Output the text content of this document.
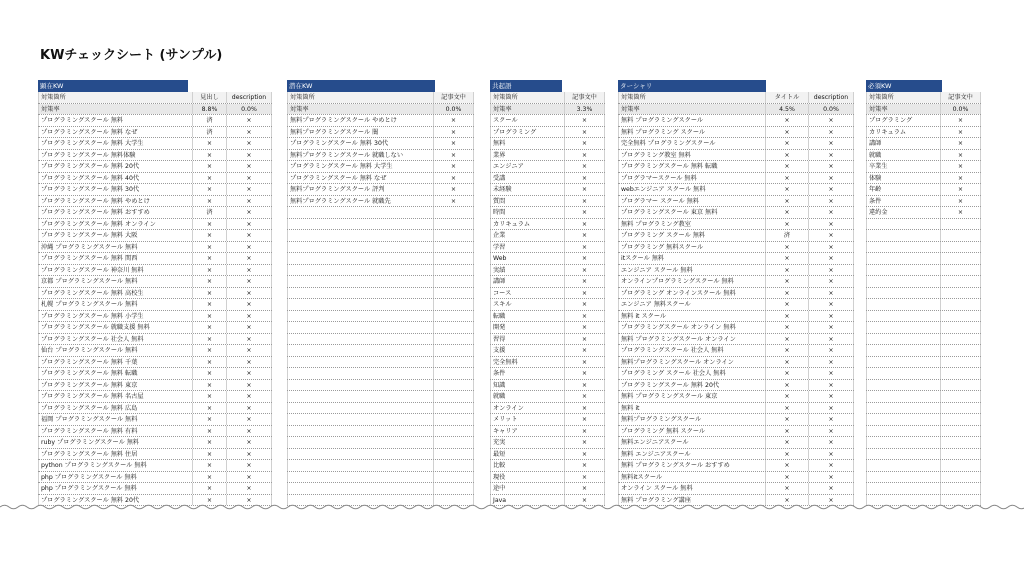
KWチェックシート (サンプル)
顕在KW
対策箇所	見出し	description
対策率	8.8%	0.0%
プログラミングスクール 無料	済	×
プログラミングスクール 無料 なぜ	済	×
プログラミングスクール 無料 大学生	×	×
プログラミングスクール 無料体験	×	×
プログラミングスクール 無料 20代	×	×
プログラミングスクール 無料 40代	×	×
プログラミングスクール 無料 30代	×	×
プログラミングスクール 無料 やめとけ	×	×
プログラミングスクール 無料 おすすめ	済	×
プログラミングスクール 無料 オンライン	×	×
プログラミングスクール 無料 大阪	×	×
沖縄 プログラミングスクール 無料	×	×
プログラミングスクール 無料 関西	×	×
プログラミングスクール 神奈川 無料	×	×
京都 プログラミングスクール 無料	×	×
プログラミングスクール 無料 高校生	×	×
札幌 プログラミングスクール 無料	×	×
プログラミングスクール 無料 小学生	×	×
プログラミングスクール 就職支援 無料	×	×
プログラミングスクール 社会人 無料	×	×
仙台 プログラミングスクール 無料	×	×
プログラミングスクール 無料 千葉	×	×
プログラミングスクール 無料 転職	×	×
プログラミングスクール 無料 東京	×	×
プログラミングスクール 無料 名古屋	×	×
プログラミングスクール 無料 広島	×	×
福岡 プログラミングスクール 無料	×	×
プログラミングスクール 無料 有料	×	×
ruby プログラミングスクール 無料	×	×
プログラミングスクール 無料 住居	×	×
python プログラミングスクール 無料	×	×
php プログラミングスクール 無料	×	×
php プログラミングスクール 無料	×	×
プログラミングスクール 無料 20代	×	×
潜在KW
対策箇所	記事文中
対策率	0.0%
無料プログラミングスクール やめとけ	×
無料プログラミングスクール 闇	×
プログラミングスクール 無料 30代	×
無料プログラミングスクール 就職しない	×
プログラミングスクール 無料 大学生	×
プログラミングスクール 無料 なぜ	×
無料プログラミングスクール 評判	×
無料プログラミングスクール 就職先	×
共起語
対策箇所	記事文中
対策率	3.3%
スクール	×
プログラミング	×
無料	×
業界	×
エンジニア	×
受講	×
未経験	×
質問	×
時間	×
カリキュラム	×
企業	×
学習	×
Web	×
実績	×
講師	×
コース	×
スキル	×
転職	×
開発	×
習得	×
支援	×
完全無料	×
条件	×
知識	×
就職	×
オンライン	×
メリット	×
キャリア	×
充実	×
最短	×
比較	×
現役	×
途中	×
Java	×
ターシャリ
対策箇所	タイトル	description
対策率	4.5%	0.0%
無料 プログラミングスクール	×	×
無料 プログラミング スクール	×	×
完全無料 プログラミングスクール	×	×
プログラミング教室 無料	×	×
プログラミングスクール 無料 転職	×	×
プログラマースクール 無料	×	×
webエンジニア スクール 無料	×	×
プログラマー スクール 無料	×	×
プログラミングスクール 東京 無料	×	×
無料 プログラミング教室	×	×
プログラミング スクール 無料	済	×
プログラミング 無料スクール	×	×
itスクール 無料	×	×
エンジニア スクール 無料	×	×
オンラインプログラミングスクール 無料	×	×
プログラミング オンラインスクール 無料	×	×
エンジニア 無料スクール	×	×
無料 it スクール	×	×
プログラミングスクール オンライン 無料	×	×
無料 プログラミングスクール オンライン	×	×
プログラミングスクール 社会人 無料	×	×
無料プログラミングスクール オンライン	×	×
プログラミング スクール 社会人 無料	×	×
プログラミングスクール 無料 20代	×	×
無料 プログラミングスクール 東京	×	×
無料 it	×	×
無料プログラミングスクール	×	×
プログラミング 無料 スクール	×	×
無料エンジニアスクール	×	×
無料 エンジニアスクール	×	×
無料 プログラミングスクール おすすめ	×	×
無料itスクール	×	×
オンライン スクール 無料	×	×
無料 プログラミング講座	×	×
必須KW
対策箇所	記事文中
対策率	0.0%
プログラミング	×
カリキュラム	×
講師	×
就職	×
卒業生	×
体験	×
年齢	×
条件	×
違約金	×
